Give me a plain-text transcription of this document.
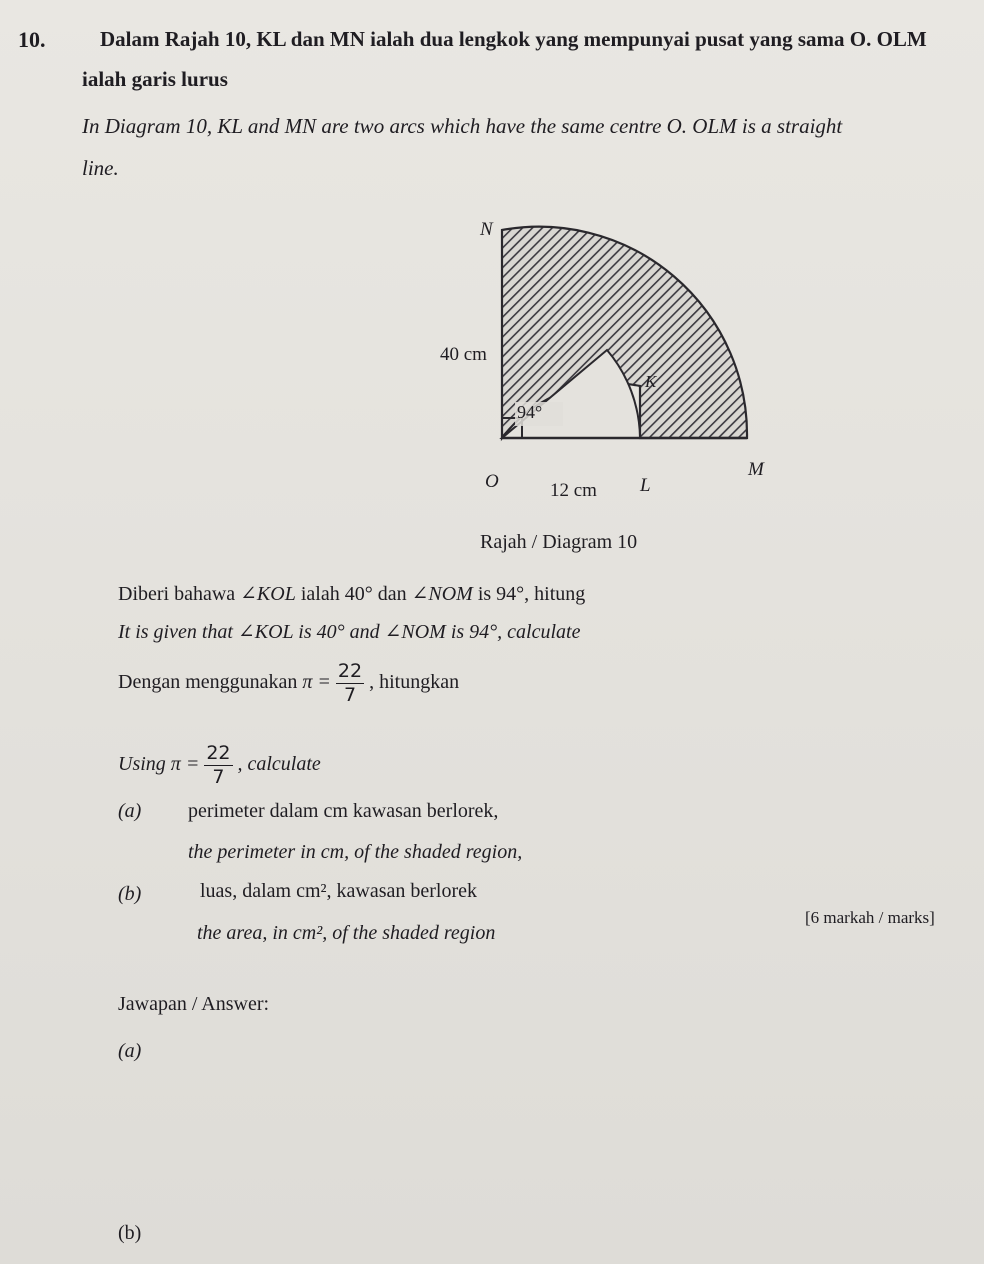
10.	Dalam Rajah 10, KL dan MN ialah dua lengkok yang mempunyai pusat yang sama O. OLM
ialah garis lurus
In Diagram 10, KL and MN are two arcs which have the same centre O. OLM is a straight
line.
N
K
40 cm
94°
O	12 cm L
M
Rajah / Diagram 10
Diberi bahawa ∠KOL ialah 40° dan ∠NOM is 94°, hitung
It is given that ∠KOL is 40° and ∠NOM is 94°, calculate
Dengan menggunakan $\pi = \frac{22}{7}$ , hitungkan
Using $\pi = \frac{22}{7}$ , calculate
(a) perimeter dalam cm kawasan berlorek,
the perimeter in cm, of the shaded region,
(b)	luas, dalam cm², kawasan berlorek
the area, in cm², of the shaded region
[6 markah / marks]
Jawapan / Answer:
(a)
(b)
